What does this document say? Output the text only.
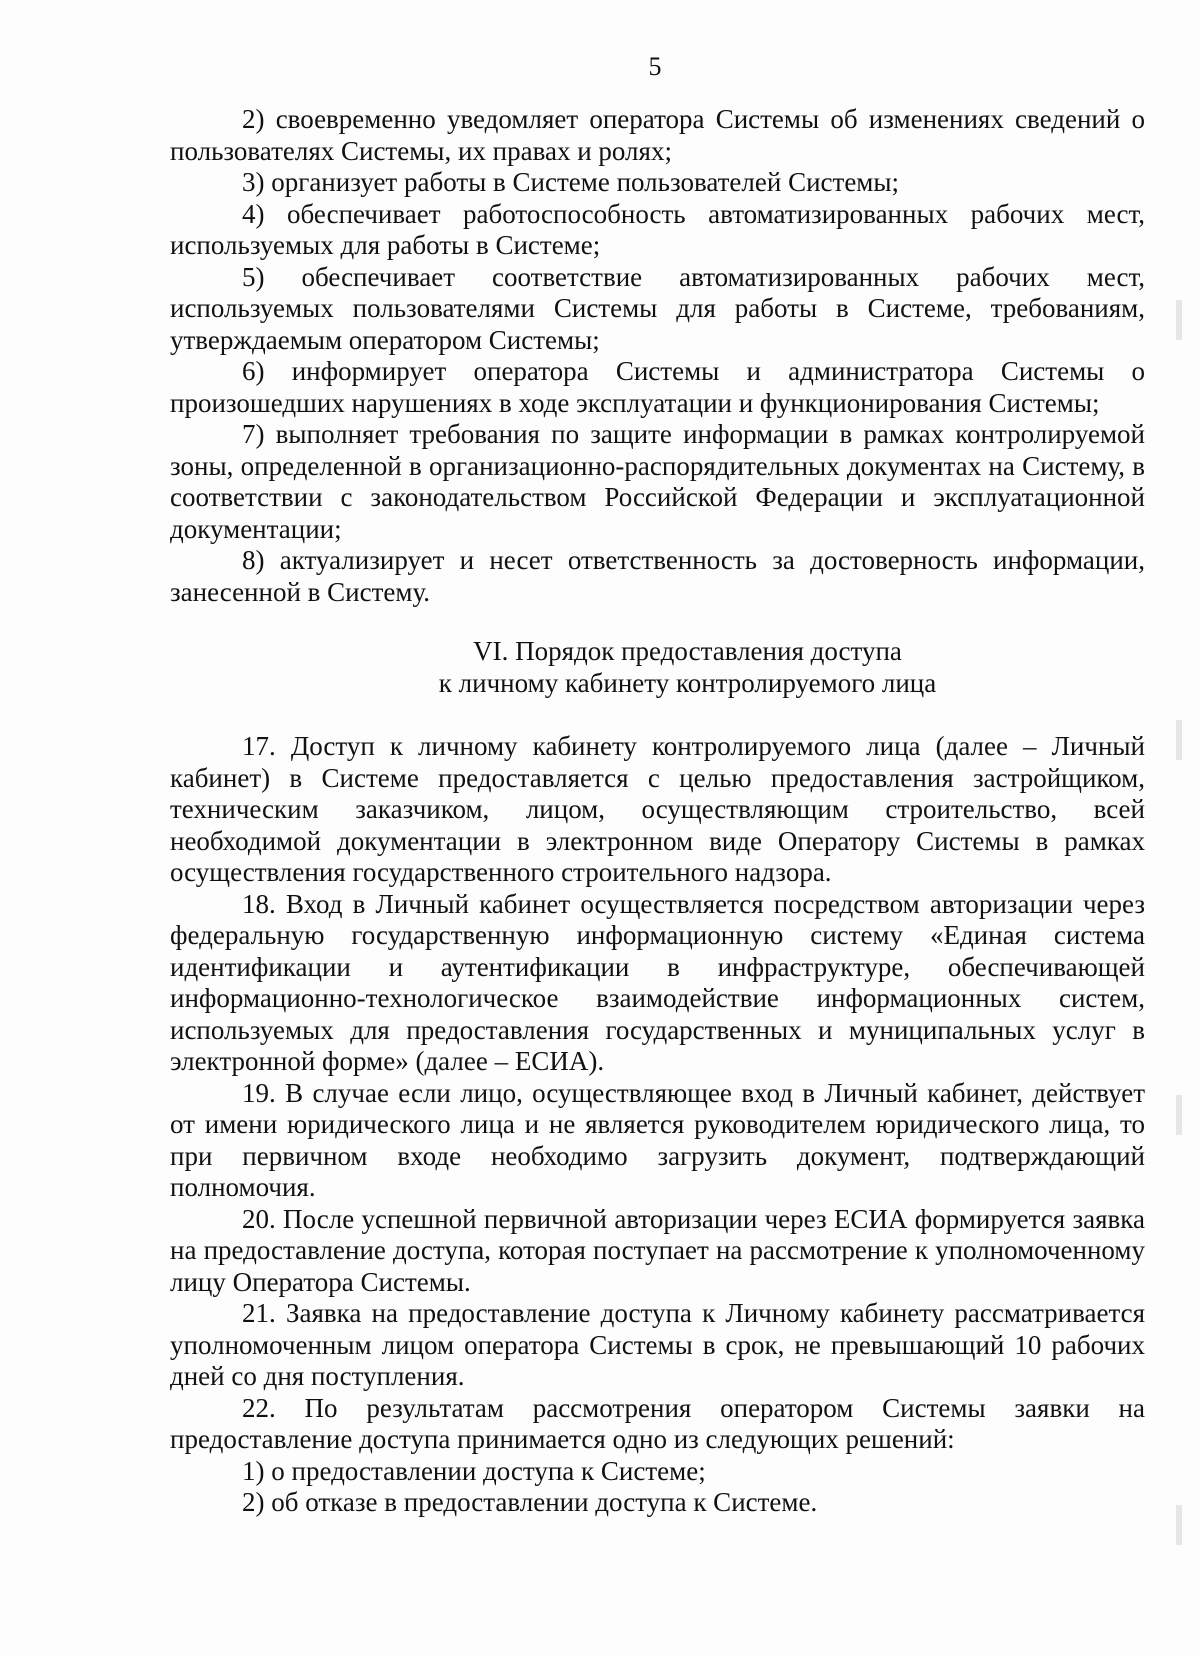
5

2) своевременно уведомляет оператора Системы об изменениях сведений о пользователях Системы, их правах и ролях;

3) организует работы в Системе пользователей Системы;

4) обеспечивает работоспособность автоматизированных рабочих мест, используемых для работы в Системе;

5) обеспечивает соответствие автоматизированных рабочих мест, используемых пользователями Системы для работы в Системе, требованиям, утверждаемым оператором Системы;

6) информирует оператора Системы и администратора Системы о произошедших нарушениях в ходе эксплуатации и функционирования Системы;

7) выполняет требования по защите информации в рамках контролируемой зоны, определенной в организационно-распорядительных документах на Систему, в соответствии с законодательством Российской Федерации и эксплуатационной документации;

8) актуализирует и несет ответственность за достоверность информации, занесенной в Систему.

VI. Порядок предоставления доступа
к личному кабинету контролируемого лица

17. Доступ к личному кабинету контролируемого лица (далее – Личный кабинет) в Системе предоставляется с целью предоставления застройщиком, техническим заказчиком, лицом, осуществляющим строительство, всей необходимой документации в электронном виде Оператору Системы в рамках осуществления государственного строительного надзора.

18. Вход в Личный кабинет осуществляется посредством авторизации через федеральную государственную информационную систему «Единая система идентификации и аутентификации в инфраструктуре, обеспечивающей информационно-технологическое взаимодействие информационных систем, используемых для предоставления государственных и муниципальных услуг в электронной форме» (далее – ЕСИА).

19. В случае если лицо, осуществляющее вход в Личный кабинет, действует от имени юридического лица и не является руководителем юридического лица, то при первичном входе необходимо загрузить документ, подтверждающий полномочия.

20. После успешной первичной авторизации через ЕСИА формируется заявка на предоставление доступа, которая поступает на рассмотрение к уполномоченному лицу Оператора Системы.

21. Заявка на предоставление доступа к Личному кабинету рассматривается уполномоченным лицом оператора Системы в срок, не превышающий 10 рабочих дней со дня поступления.

22. По результатам рассмотрения оператором Системы заявки на предоставление доступа принимается одно из следующих решений:

1) о предоставлении доступа к Системе;

2) об отказе в предоставлении доступа к Системе.
